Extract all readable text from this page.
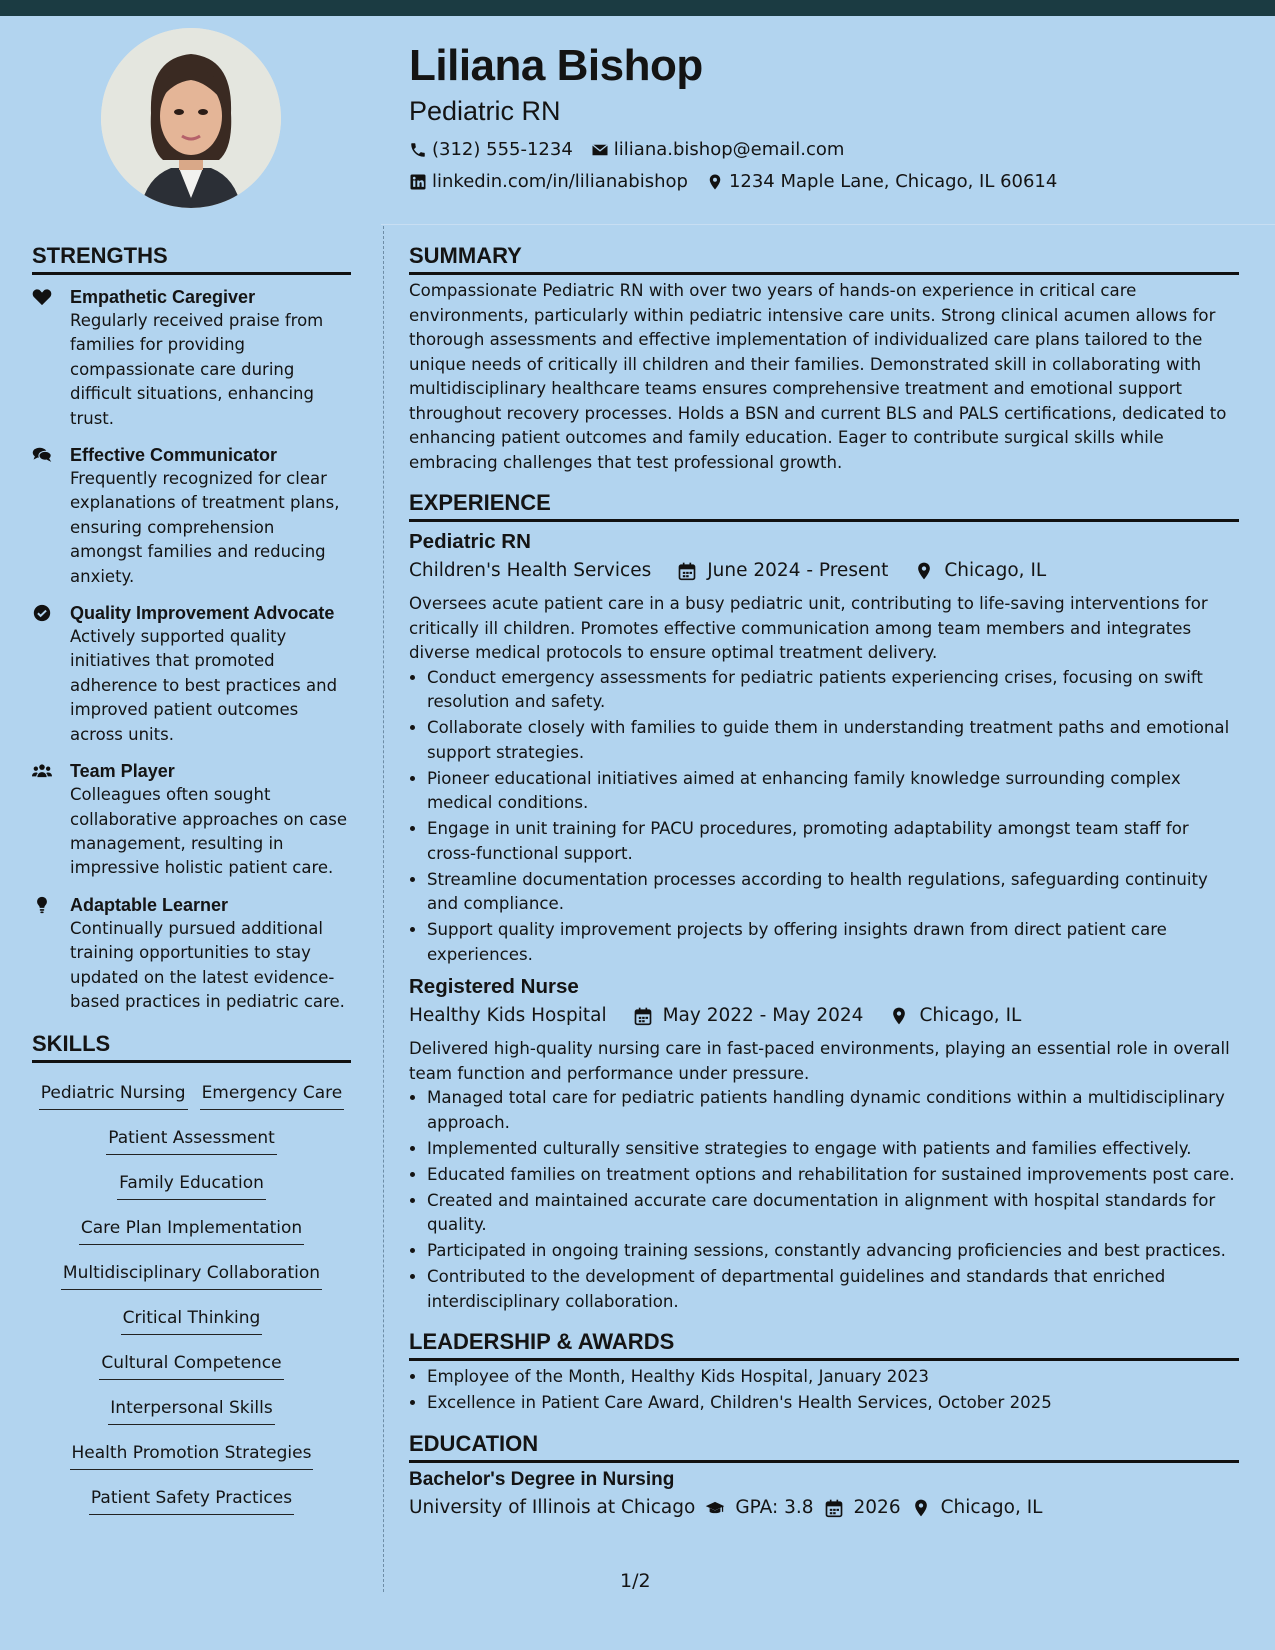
Liliana Bishop
Pediatric RN
(312) 555-1234 liliana.bishop@email.com
linkedin.com/in/lilianabishop 1234 Maple Lane, Chicago, IL 60614
STRENGTHS
Empathetic Caregiver
Regularly received praise from families for providing compassionate care during difficult situations, enhancing trust.
Effective Communicator
Frequently recognized for clear explanations of treatment plans, ensuring comprehension amongst families and reducing anxiety.
Quality Improvement Advocate
Actively supported quality initiatives that promoted adherence to best practices and improved patient outcomes across units.
Team Player
Colleagues often sought collaborative approaches on case management, resulting in impressive holistic patient care.
Adaptable Learner
Continually pursued additional training opportunities to stay updated on the latest evidence-based practices in pediatric care.
SKILLS
Pediatric Nursing Emergency Care
Patient Assessment
Family Education
Care Plan Implementation
Multidisciplinary Collaboration
Critical Thinking
Cultural Competence
Interpersonal Skills
Health Promotion Strategies
Patient Safety Practices
SUMMARY

Compassionate Pediatric RN with over two years of hands-on experience in critical care environments, particularly within pediatric intensive care units. Strong clinical acumen allows for thorough assessments and effective implementation of individualized care plans tailored to the unique needs of critically ill children and their families. Demonstrated skill in collaborating with multidisciplinary healthcare teams ensures comprehensive treatment and emotional support throughout recovery processes. Holds a BSN and current BLS and PALS certifications, dedicated to enhancing patient outcomes and family education. Eager to contribute surgical skills while embracing challenges that test professional growth.

EXPERIENCE
Pediatric RN
Children's Health Services	June 2024 - Present	Chicago, IL

Oversees acute patient care in a busy pediatric unit, contributing to life-saving interventions for critically ill children. Promotes effective communication among team members and integrates diverse medical protocols to ensure optimal treatment delivery.

• Conduct emergency assessments for pediatric patients experiencing crises, focusing on swift resolution and safety.
• Collaborate closely with families to guide them in understanding treatment paths and emotional support strategies.
• Pioneer educational initiatives aimed at enhancing family knowledge surrounding complex medical conditions.
• Engage in unit training for PACU procedures, promoting adaptability amongst team staff for cross-functional support.
• Streamline documentation processes according to health regulations, safeguarding continuity and compliance.
• Support quality improvement projects by offering insights drawn from direct patient care experiences.
Registered Nurse
Healthy Kids Hospital	May 2022 - May 2024	Chicago, IL

Delivered high-quality nursing care in fast-paced environments, playing an essential role in overall team function and performance under pressure.

• Managed total care for pediatric patients handling dynamic conditions within a multidisciplinary approach.
• Implemented culturally sensitive strategies to engage with patients and families effectively.
• Educated families on treatment options and rehabilitation for sustained improvements post care.
• Created and maintained accurate care documentation in alignment with hospital standards for quality.
• Participated in ongoing training sessions, constantly advancing proficiencies and best practices.
• Contributed to the development of departmental guidelines and standards that enriched interdisciplinary collaboration.
LEADERSHIP & AWARDS
• Employee of the Month, Healthy Kids Hospital, January 2023
• Excellence in Patient Care Award, Children's Health Services, October 2025
EDUCATION
Bachelor's Degree in Nursing
University of Illinois at Chicago GPA: 3.8 2026 Chicago, IL
1/2
